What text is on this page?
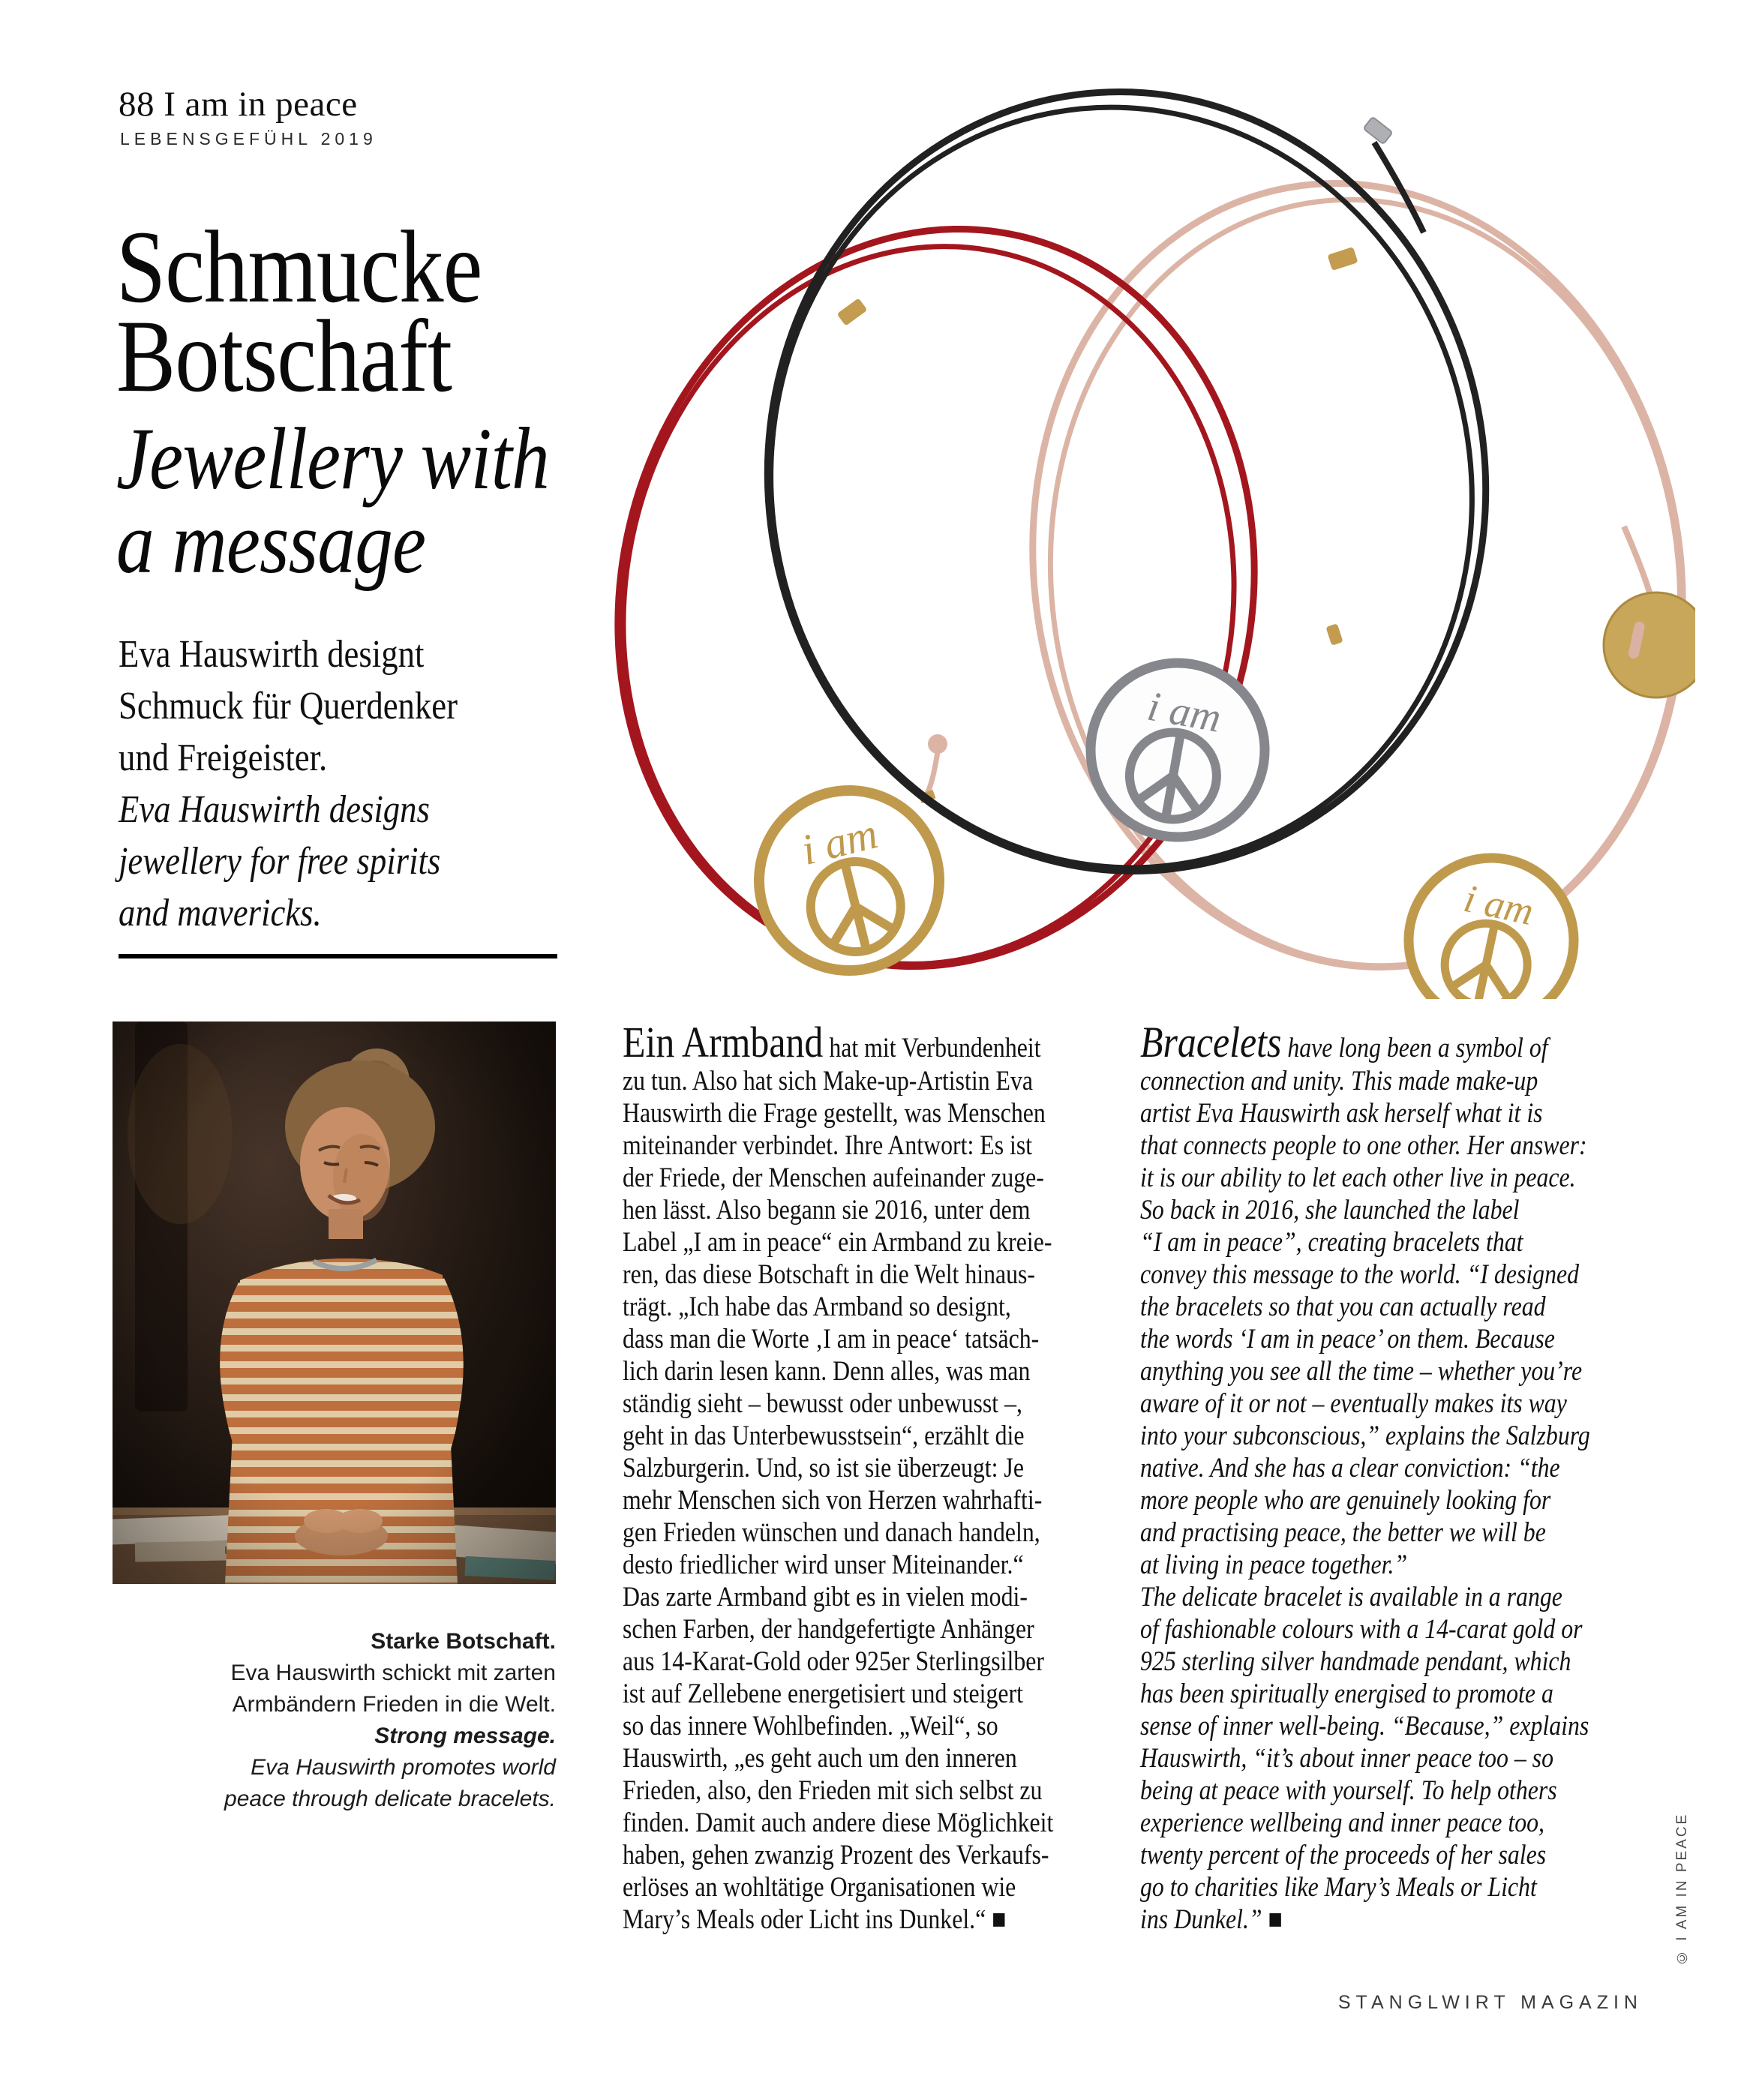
88 I am in peace
LEBENSGEFÜHL 2019
Schmucke
Botschaft
Jewellery with
a message
Eva Hauswirth designt
Schmuck für Querdenker
und Freigeister.
Eva Hauswirth designs
jewellery for free spirits
and mavericks.
Starke Botschaft.
Eva Hauswirth schickt mit zarten
Armbändern Frieden in die Welt.
Strong message.
Eva Hauswirth promotes world
peace through delicate bracelets.
i am
i am
i am
Ein Armband hat mit Verbundenheit
zu tun. Also hat sich Make-up-Artistin Eva
Hauswirth die Frage gestellt, was Menschen
miteinander verbindet. Ihre Antwort: Es ist
der Friede, der Menschen aufeinander zuge-
hen lässt. Also begann sie 2016, unter dem
Label „I am in peace“ ein Armband zu kreie-
ren, das diese Botschaft in die Welt hinaus-
trägt. „Ich habe das Armband so designt,
dass man die Worte ‚I am in peace‘ tatsäch-
lich darin lesen kann. Denn alles, was man
ständig sieht – bewusst oder unbewusst –,
geht in das Unterbewusstsein“, erzählt die
Salzburgerin. Und, so ist sie überzeugt: Je
mehr Menschen sich von Herzen wahrhafti-
gen Frieden wünschen und danach handeln,
desto friedlicher wird unser Miteinander.“
Das zarte Armband gibt es in vielen modi-
schen Farben, der handgefertigte Anhänger
aus 14-Karat-Gold oder 925er Sterlingsilber
ist auf Zellebene energetisiert und steigert
so das innere Wohlbefinden. „Weil“, so
Hauswirth, „es geht auch um den inneren
Frieden, also, den Frieden mit sich selbst zu
finden. Damit auch andere diese Möglichkeit
haben, gehen zwanzig Prozent des Verkaufs-
erlöses an wohltätige Organisationen wie
Mary’s Meals oder Licht ins Dunkel.“ ■
Bracelets have long been a symbol of
connection and unity. This made make-up
artist Eva Hauswirth ask herself what it is
that connects people to one other. Her answer:
it is our ability to let each other live in peace.
So back in 2016, she launched the label
“I am in peace”, creating bracelets that
convey this message to the world. “I designed
the bracelets so that you can actually read
the words ‘I am in peace’ on them. Because
anything you see all the time – whether you’re
aware of it or not – eventually makes its way
into your subconscious,” explains the Salzburg
native. And she has a clear conviction: “the
more people who are genuinely looking for
and practising peace, the better we will be
at living in peace together.”
The delicate bracelet is available in a range
of fashionable colours with a 14-carat gold or
925 sterling silver handmade pendant, which
has been spiritually energised to promote a
sense of inner well-being. “Because,” explains
Hauswirth, “it’s about inner peace too – so
being at peace with yourself. To help others
experience wellbeing and inner peace too,
twenty percent of the proceeds of her sales
go to charities like Mary’s Meals or Licht
ins Dunkel.” ■
STANGLWIRT MAGAZIN
© I AM IN PEACE
